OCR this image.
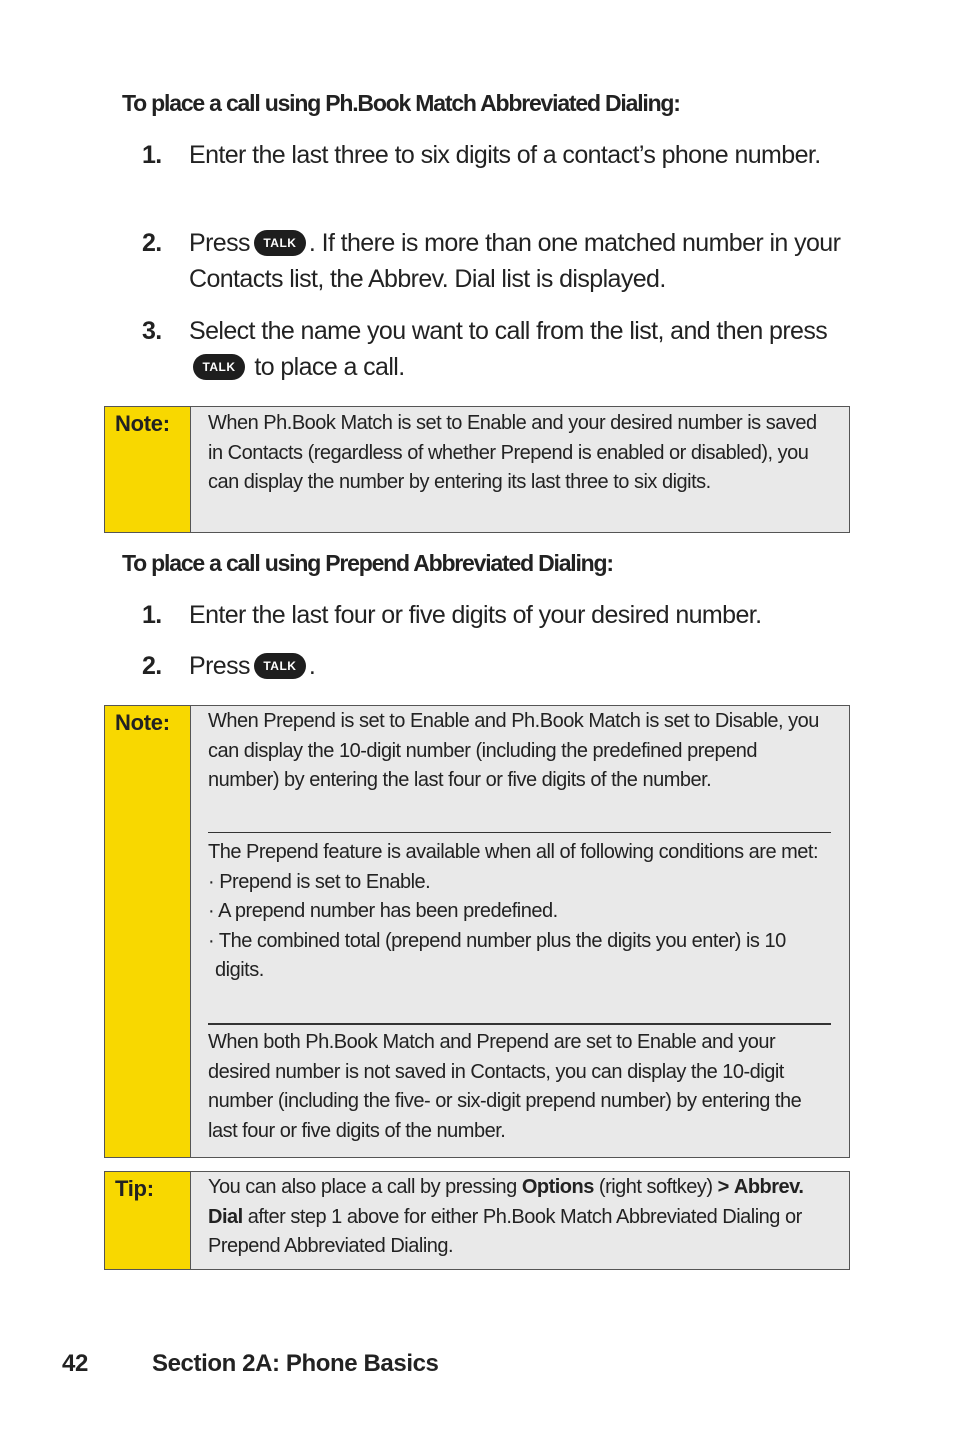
To place a call using Ph.Book Match Abbreviated Dialing:
1. Enter the last three to six digits of a contact’s phone number.
2. Press TALK . If there is more than one matched number in your Contacts list, the Abbrev. Dial list is displayed.
3. Select the name you want to call from the list, and then press TALK to place a call.
Note: When Ph.Book Match is set to Enable and your desired number is saved in Contacts (regardless of whether Prepend is enabled or disabled), you can display the number by entering its last three to six digits.
To place a call using Prepend Abbreviated Dialing:
1. Enter the last four or five digits of your desired number.
2. Press TALK .
Note: When Prepend is set to Enable and Ph.Book Match is set to Disable, you can display the 10-digit number (including the predefined prepend number) by entering the last four or five digits of the number.
The Prepend feature is available when all of following conditions are met:
· Prepend is set to Enable.
· A prepend number has been predefined.
· The combined total (prepend number plus the digits you enter) is 10 digits.
When both Ph.Book Match and Prepend are set to Enable and your desired number is not saved in Contacts, you can display the 10-digit number (including the five- or six-digit prepend number) by entering the last four or five digits of the number.
Tip:	You can also place a call by pressing Options (right softkey) > Abbrev. Dial after step 1 above for either Ph.Book Match Abbreviated Dialing or Prepend Abbreviated Dialing.
42	Section 2A: Phone Basics
